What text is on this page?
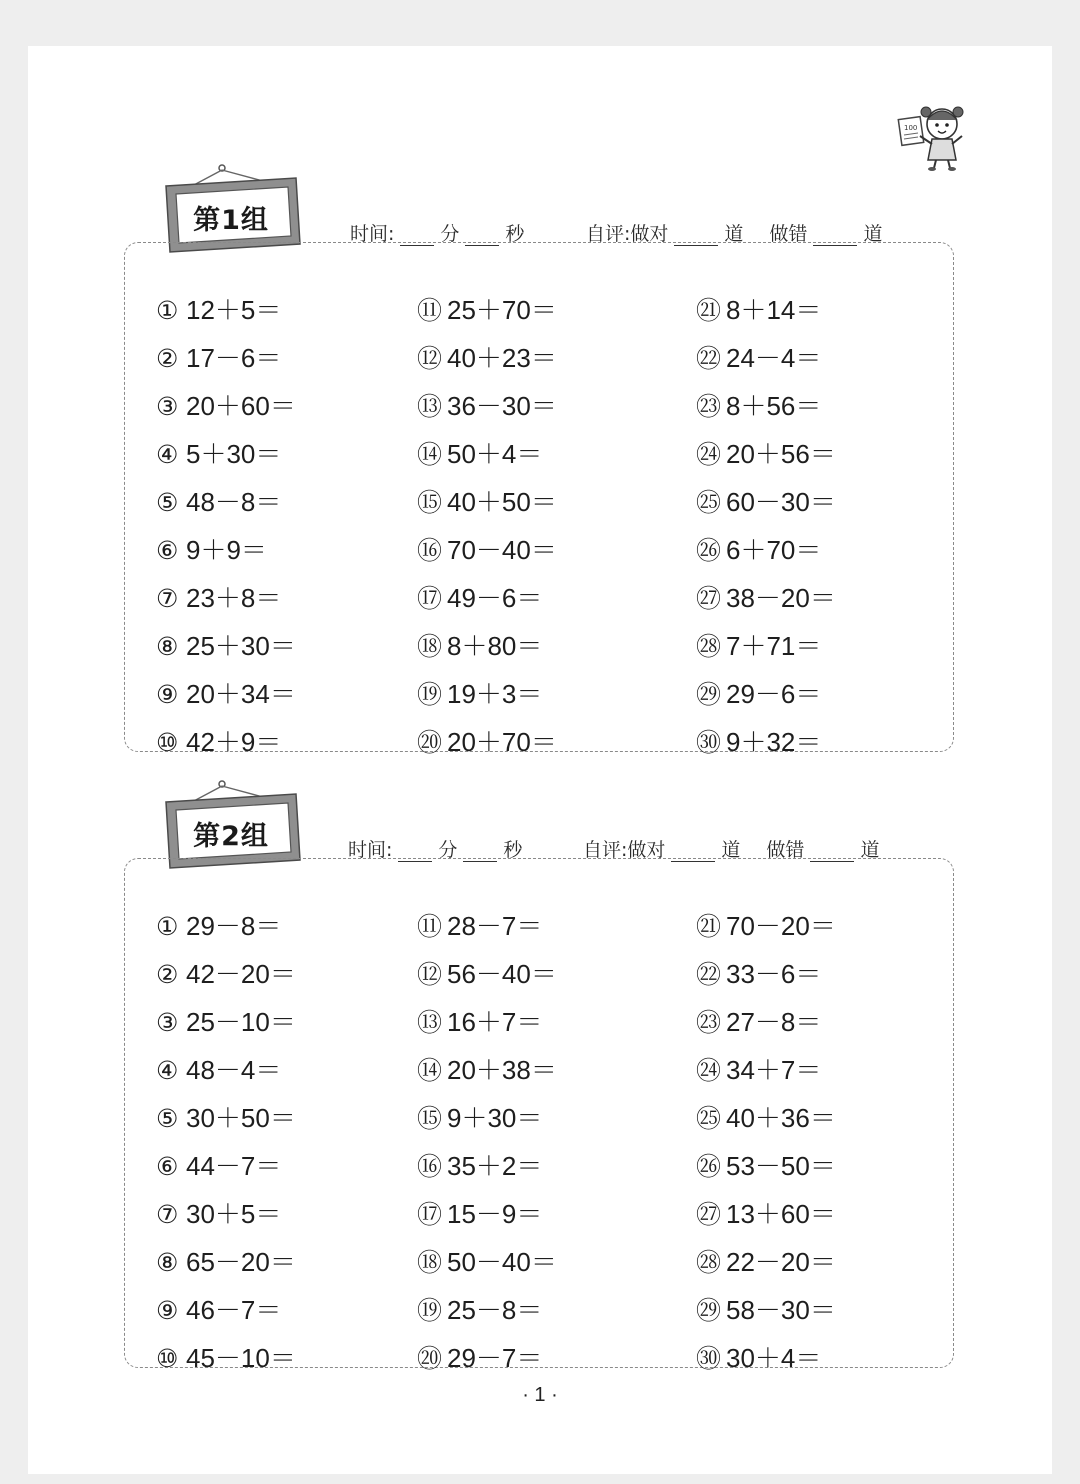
100
第1组	时间: 分 秒	自评:做对	道 做错	道
① 12＋5＝
② 17－6＝
③ 20＋60＝
④ 5＋30＝
⑤ 48－8＝
⑥ 9＋9＝
⑦ 23＋8＝
⑧ 25＋30＝
⑨ 20＋34＝
⑩ 42＋9＝
⑪ 25＋70＝
⑫ 40＋23＝
⑬ 36－30＝
⑭ 50＋4＝
⑮ 40＋50＝
⑯ 70－40＝
⑰ 49－6＝
⑱ 8＋80＝
⑲ 19＋3＝
⑳ 20＋70＝
㉑ 8＋14＝
㉒ 24－4＝
㉓ 8＋56＝
㉔ 20＋56＝
㉕ 60－30＝
㉖ 6＋70＝
㉗ 38－20＝
㉘ 7＋71＝
㉙ 29－6＝
㉚ 9＋32＝
第2组	时间: 分 秒	自评:做对	道 做错	道
① 29－8＝
② 42－20＝
③ 25－10＝
④ 48－4＝
⑤ 30＋50＝
⑥ 44－7＝
⑦ 30＋5＝
⑧ 65－20＝
⑨ 46－7＝
⑩ 45－10＝
⑪ 28－7＝
⑫ 56－40＝
⑬ 16＋7＝
⑭ 20＋38＝
⑮ 9＋30＝
⑯ 35＋2＝
⑰ 15－9＝
⑱ 50－40＝
⑲ 25－8＝
⑳ 29－7＝
㉑ 70－20＝
㉒ 33－6＝
㉓ 27－8＝
㉔ 34＋7＝
㉕ 40＋36＝
㉖ 53－50＝
㉗ 13＋60＝
㉘ 22－20＝
㉙ 58－30＝
㉚ 30＋4＝
· 1 ·
